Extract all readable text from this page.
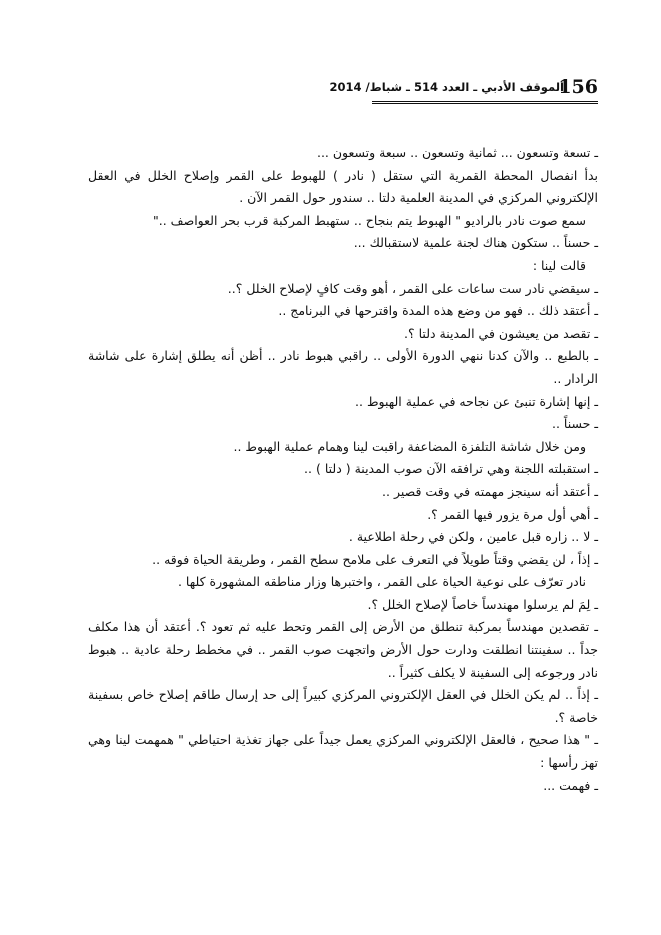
156
الموقف الأدبي ـ العدد 514 ـ شباط/ 2014

ـ تسعة وتسعون ... ثمانية وتسعون .. سبعة وتسعون ...

بدأ انفصال المحطة القمرية التي ستقل ( نادر ) للهبوط على القمر وإصلاح الخلل في العقل الإلكتروني المركزي في المدينة العلمية دلتا .. سندور حول القمر الآن .

سمع صوت نادر بالراديو " الهبوط يتم بنجاح .. ستهبط المركبة قرب بحر العواصف .."

ـ حسناً .. ستكون هناك لجنة علمية لاستقبالك ...

قالت لينا :

ـ سيقضي نادر ست ساعات على القمر ، أهو وقت كافٍ لإصلاح الخلل ؟..

ـ أعتقد ذلك .. فهو من وضع هذه المدة واقترحها في البرنامج ..

ـ تقصد من يعيشون في المدينة دلتا ؟.

ـ بالطبع .. والآن كدنا ننهي الدورة الأولى .. راقبي هبوط نادر .. أظن أنه يطلق إشارة على شاشة الرادار ..

ـ إنها إشارة تنبئ عن نجاحه في عملية الهبوط ..

ـ حسناً ..

ومن خلال شاشة التلفزة المضاعفة راقبت لينا وهمام عملية الهبوط ..

ـ استقبلته اللجنة وهي ترافقه الآن صوب المدينة ( دلتا ) ..

ـ أعتقد أنه سينجز مهمته في وقت قصير ..

ـ أهي أول مرة يزور فيها القمر ؟.

ـ لا .. زاره قبل عامين ، ولكن في رحلة اطلاعية .

ـ إذاً ، لن يقضي وقتاً طويلاً في التعرف على ملامح سطح القمر ، وطريقة الحياة فوقه ..

نادر تعرّف على نوعية الحياة على القمر ، واختبرها وزار مناطقه المشهورة كلها .

ـ لِمَ لم يرسلوا مهندساً خاصاً لإصلاح الخلل ؟.

ـ تقصدين مهندساً بمركبة تنطلق من الأرض إلى القمر وتحط عليه ثم تعود ؟. أعتقد أن هذا مكلف جداً .. سفينتنا انطلقت ودارت حول الأرض واتجهت صوب القمر .. في مخطط رحلة عادية .. هبوط نادر ورجوعه إلى السفينة لا يكلف كثيراً ..

ـ إذاً .. لم يكن الخلل في العقل الإلكتروني المركزي كبيراً إلى حد إرسال طاقم إصلاح خاص بسفينة خاصة ؟.

ـ " هذا صحيح ، فالعقل الإلكتروني المركزي يعمل جيداً على جهاز تغذية احتياطي " همهمت لينا وهي تهز رأسها :

ـ فهمت ...
